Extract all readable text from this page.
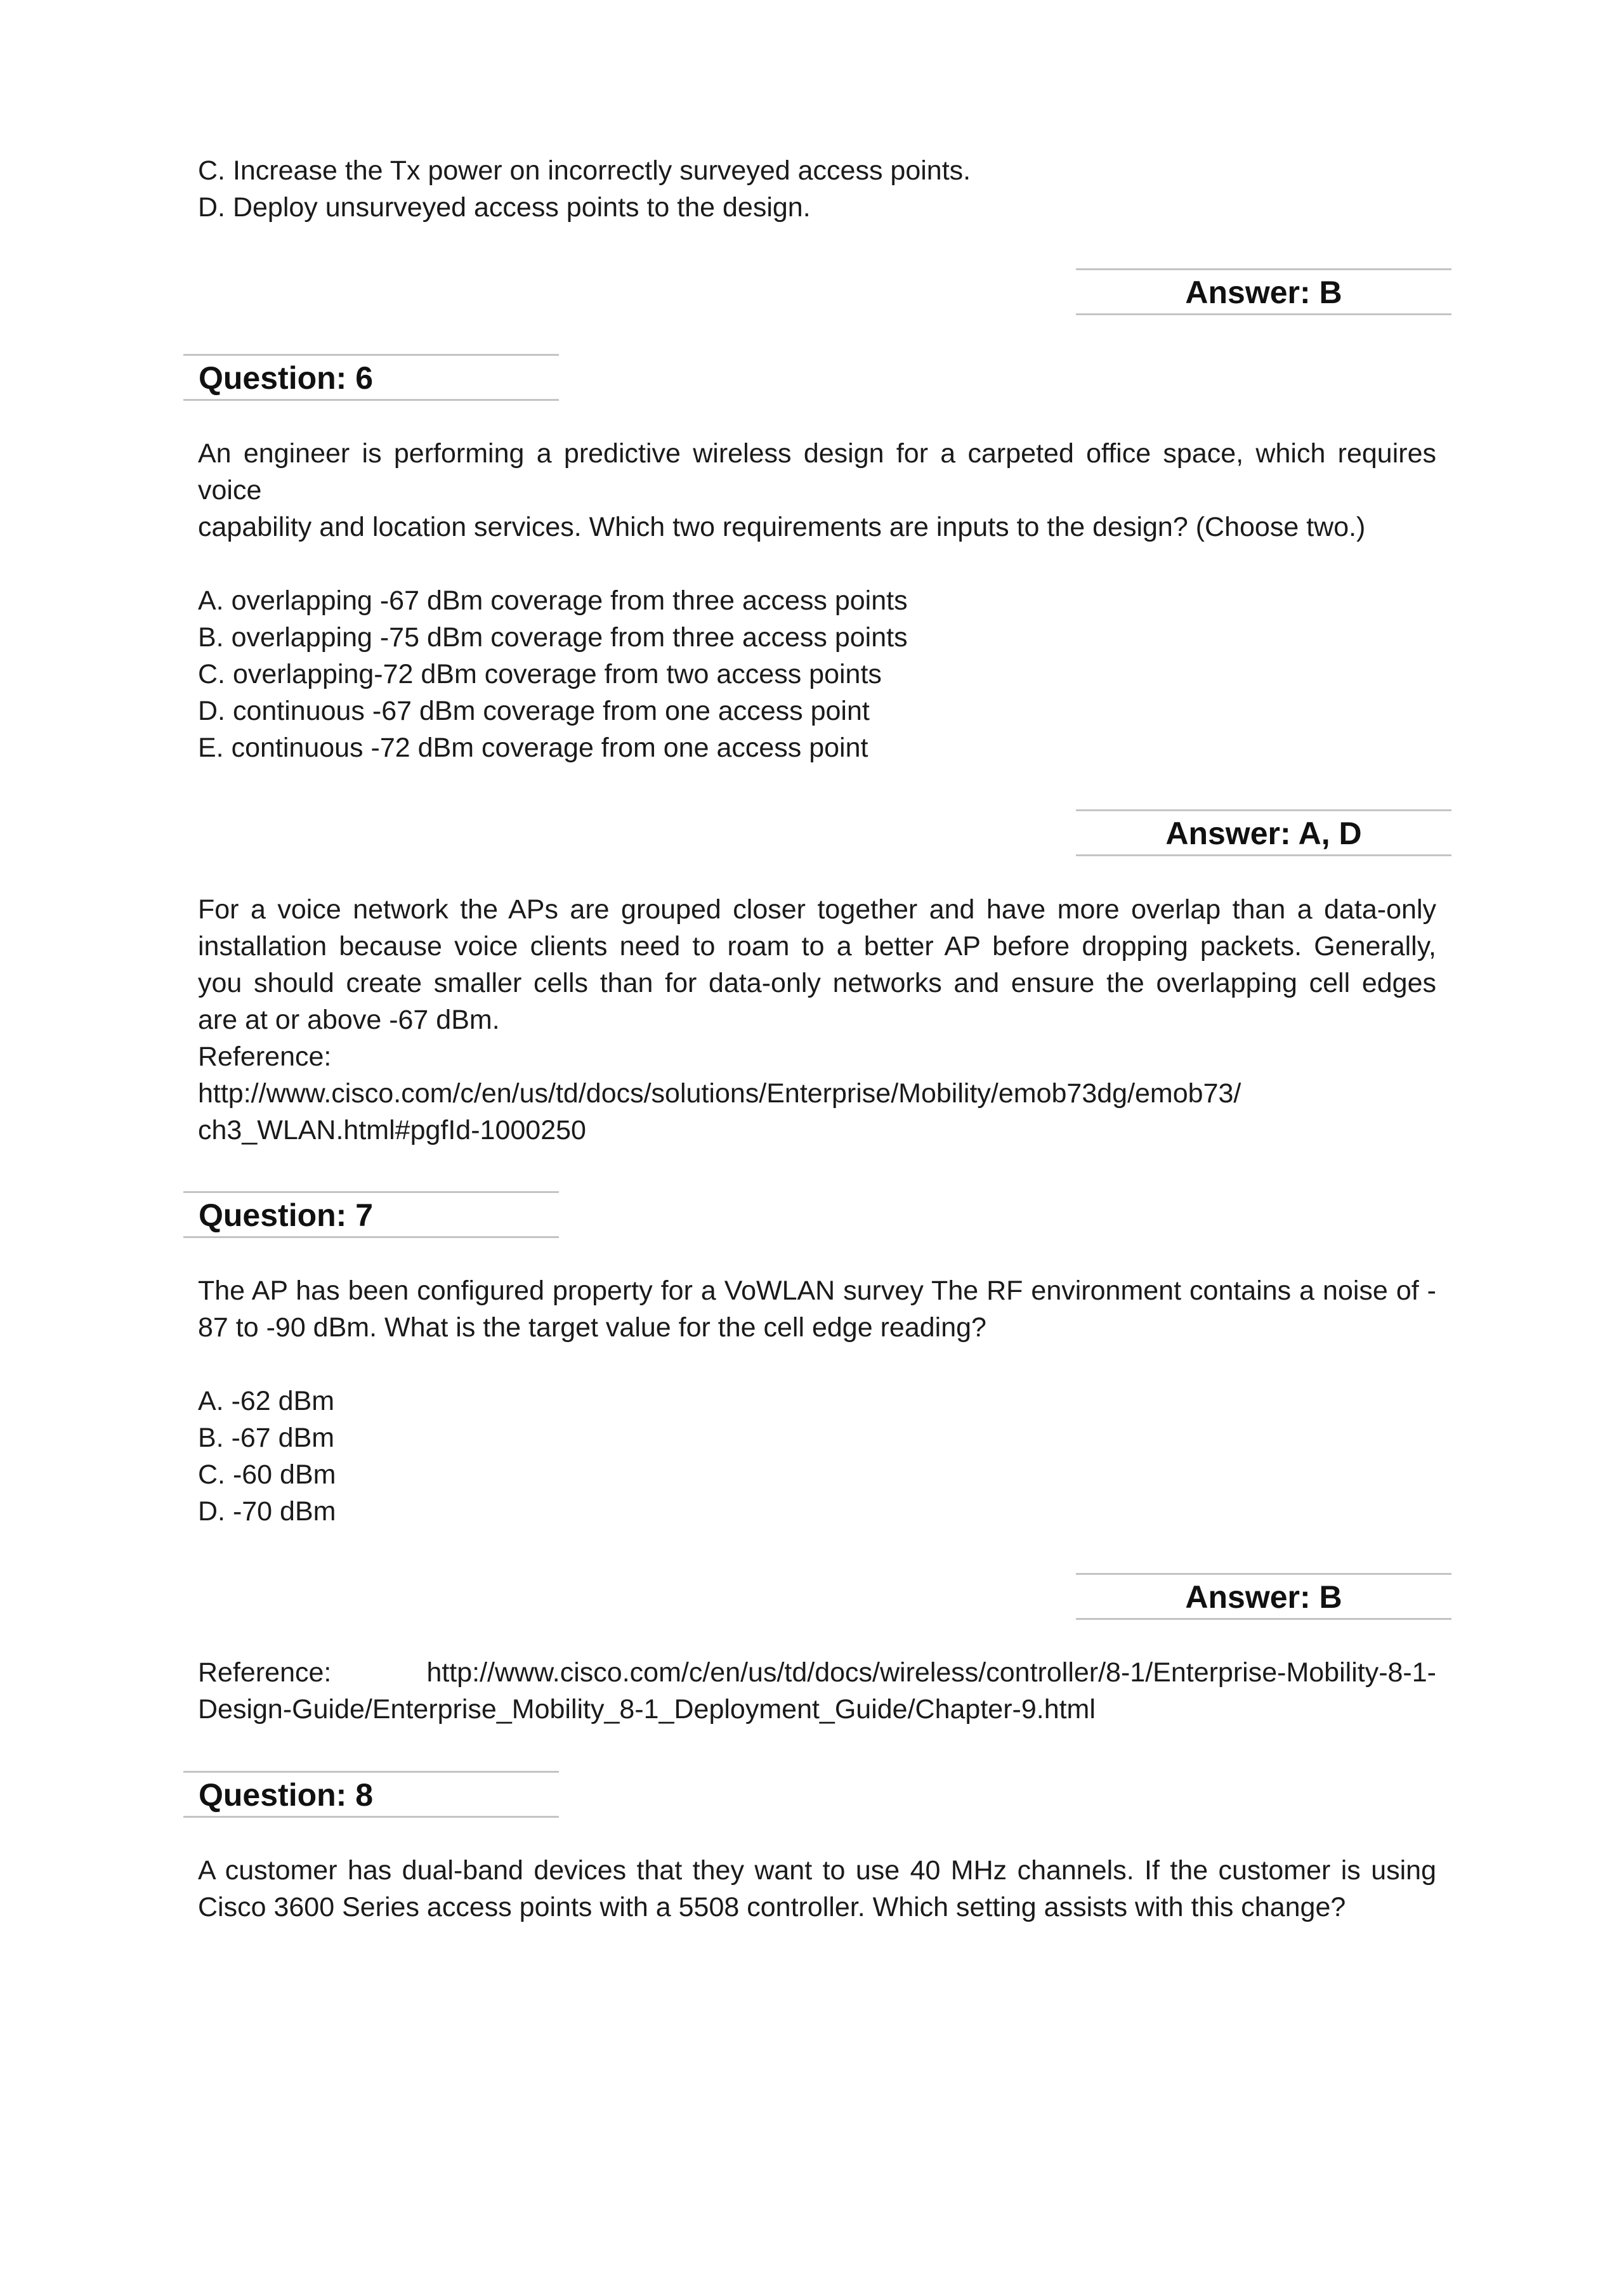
C. Increase the Tx power on incorrectly surveyed access points.
D. Deploy unsurveyed access points to the design.
Answer: B
Question: 6
An engineer is performing a predictive wireless design for a carpeted office space, which requires
voice
capability and location services. Which two requirements are inputs to the design? (Choose two.)
A. overlapping -67 dBm coverage from three access points
B. overlapping -75 dBm coverage from three access points
C. overlapping-72 dBm coverage from two access points
D. continuous -67 dBm coverage from one access point
E. continuous -72 dBm coverage from one access point
Answer: A, D
For a voice network the APs are grouped closer together and have more overlap than a data-only
installation because voice clients need to roam to a better AP before dropping packets. Generally,
you should create smaller cells than for data-only networks and ensure the overlapping cell edges
are at or above -67 dBm.
Reference:
http://www.cisco.com/c/en/us/td/docs/solutions/Enterprise/Mobility/emob73dg/emob73/
ch3_WLAN.html#pgfId-1000250
Question: 7
The AP has been configured property for a VoWLAN survey The RF environment contains a noise of -
87 to -90 dBm. What is the target value for the cell edge reading?
A. -62 dBm
B. -67 dBm
C. -60 dBm
D. -70 dBm
Answer: B
Reference: http://www.cisco.com/c/en/us/td/docs/wireless/controller/8-1/Enterprise-Mobility-8-1-
Design-Guide/Enterprise_Mobility_8-1_Deployment_Guide/Chapter-9.html
Question: 8
A customer has dual-band devices that they want to use 40 MHz channels. If the customer is using
Cisco 3600 Series access points with a 5508 controller. Which setting assists with this change?
